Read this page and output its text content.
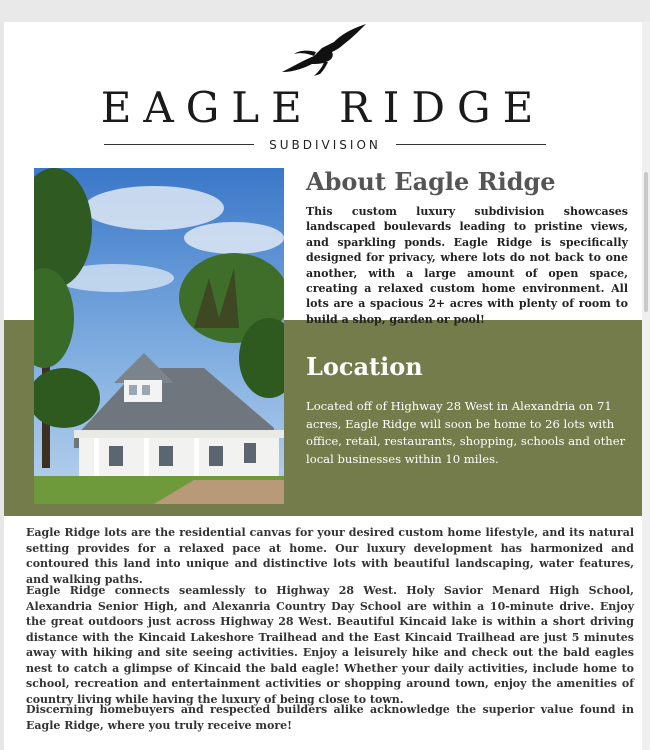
EAGLE RIDGE
SUBDIVISION
About Eagle Ridge
This custom luxury subdivision showcases landscaped boulevards leading to pristine views, and sparkling ponds. Eagle Ridge is specifically designed for privacy, where lots do not back to one another, with a large amount of open space, creating a relaxed custom home environment. All lots are a spacious 2+ acres with plenty of room to build a shop, garden or pool!
Location
Located off of Highway 28 West in Alexandria on 71 acres, Eagle Ridge will soon be home to 26 lots with office, retail, restaurants, shopping, schools and other local businesses within 10 miles.
Eagle Ridge lots are the residential canvas for your desired custom home lifestyle, and its natural setting provides for a relaxed pace at home. Our luxury development has harmonized and contoured this land into unique and distinctive lots with beautiful landscaping, water features, and walking paths.
Eagle Ridge connects seamlessly to Highway 28 West. Holy Savior Menard High School, Alexandria Senior High, and Alexanria Country Day School are within a 10-minute drive. Enjoy the great outdoors just across Highway 28 West. Beautiful Kincaid lake is within a short driving distance with the Kincaid Lakeshore Trailhead and the East Kincaid Trailhead are just 5 minutes away with hiking and site seeing activities. Enjoy a leisurely hike and check out the bald eagles nest to catch a glimpse of Kincaid the bald eagle! Whether your daily activities, include home to school, recreation and entertainment activities or shopping around town, enjoy the amenities of country living while having the luxury of being close to town.
Discerning homebuyers and respected builders alike acknowledge the superior value found in Eagle Ridge, where you truly receive more!
